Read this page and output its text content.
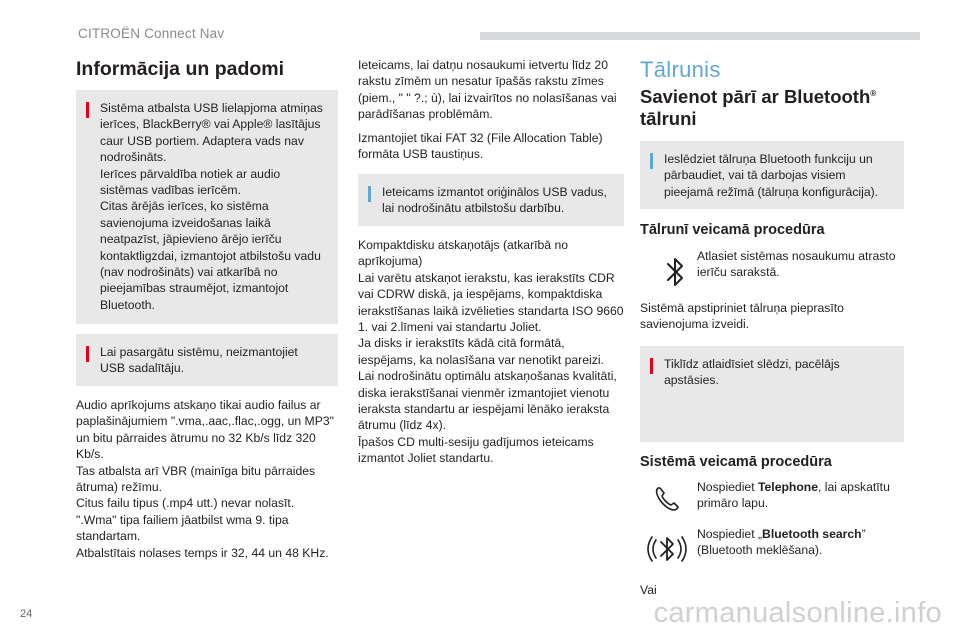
CITROËN Connect Nav
Informācija un padomi
Sistēma atbalsta USB lielapjoma atmiņas ierīces, BlackBerry® vai Apple® lasītājus caur USB portiem. Adaptera vads nav nodrošināts.
Ierīces pārvaldība notiek ar audio sistēmas vadības ierīcēm.
Citas ārējās ierīces, ko sistēma savienojuma izveidošanas laikā neatpazīst, jāpievieno ārējo ierīču kontaktligzdai, izmantojot atbilstošu vadu (nav nodrošināts) vai atkarībā no pieejamības straumējot, izmantojot Bluetooth.
Lai pasargātu sistēmu, neizmantojiet USB sadalītāju.

Audio aprīkojums atskaņo tikai audio failus ar paplašinājumiem ".vma,.aac,.flac,.ogg, un MP3" un bitu pārraides ātrumu no 32 Kb/s līdz 320 Kb/s.
Tas atbalsta arī VBR (mainīga bitu pārraides ātruma) režīmu.
Citus failu tipus (.mp4 utt.) nevar nolasīt.
".Wma" tipa failiem jāatbilst wma 9. tipa standartam.
Atbalstītais nolases temps ir 32, 44 un 48 KHz.

Ieteicams, lai datņu nosaukumi ietvertu līdz 20 rakstu zīmēm un nesatur īpašās rakstu zīmes (piem., " " ?.; ù), lai izvairītos no nolasīšanas vai parādīšanas problēmām.

Izmantojiet tikai FAT 32 (File Allocation Table) formāta USB taustiņus.

Ieteicams izmantot oriģinālos USB vadus, lai nodrošinātu atbilstošu darbību.

Kompaktdisku atskaņotājs (atkarībā no aprīkojuma)
Lai varētu atskaņot ierakstu, kas ierakstīts CDR vai CDRW diskā, ja iespējams, kompaktdiska ierakstīšanas laikā izvēlieties standarta ISO 9660 1. vai 2.līmeni vai standartu Joliet.
Ja disks ir ierakstīts kādā citā formātā, iespējams, ka nolasīšana var nenotikt pareizi.
Lai nodrošinātu optimālu atskaņošanas kvalitāti, diska ierakstīšanai vienmēr izmantojiet vienotu ieraksta standartu ar iespējami lēnāko ieraksta ātrumu (līdz 4x).
Īpašos CD multi-sesiju gadījumos ieteicams izmantot Joliet standartu.

Tālrunis
Savienot pārī ar Bluetooth®
tālruni
Ieslēdziet tālruņa Bluetooth funkciju un pārbaudiet, vai tā darbojas visiem pieejamā režīmā (tālruņa konfigurācija).
Tālrunī veicamā procedūra

Atlasiet sistēmas nosaukumu atrasto ierīču sarakstā.

Sistēmā apstipriniet tālruņa pieprasīto savienojuma izveidi.

Tiklīdz atlaidīsiet slēdzi, pacēlājs apstāsies.
Sistēmā veicamā procedūra

Nospiediet Telephone, lai apskatītu primāro lapu.

Nospiediet „Bluetooth search” (Bluetooth meklēšana).

Vai

24	carmanualsonline.info
